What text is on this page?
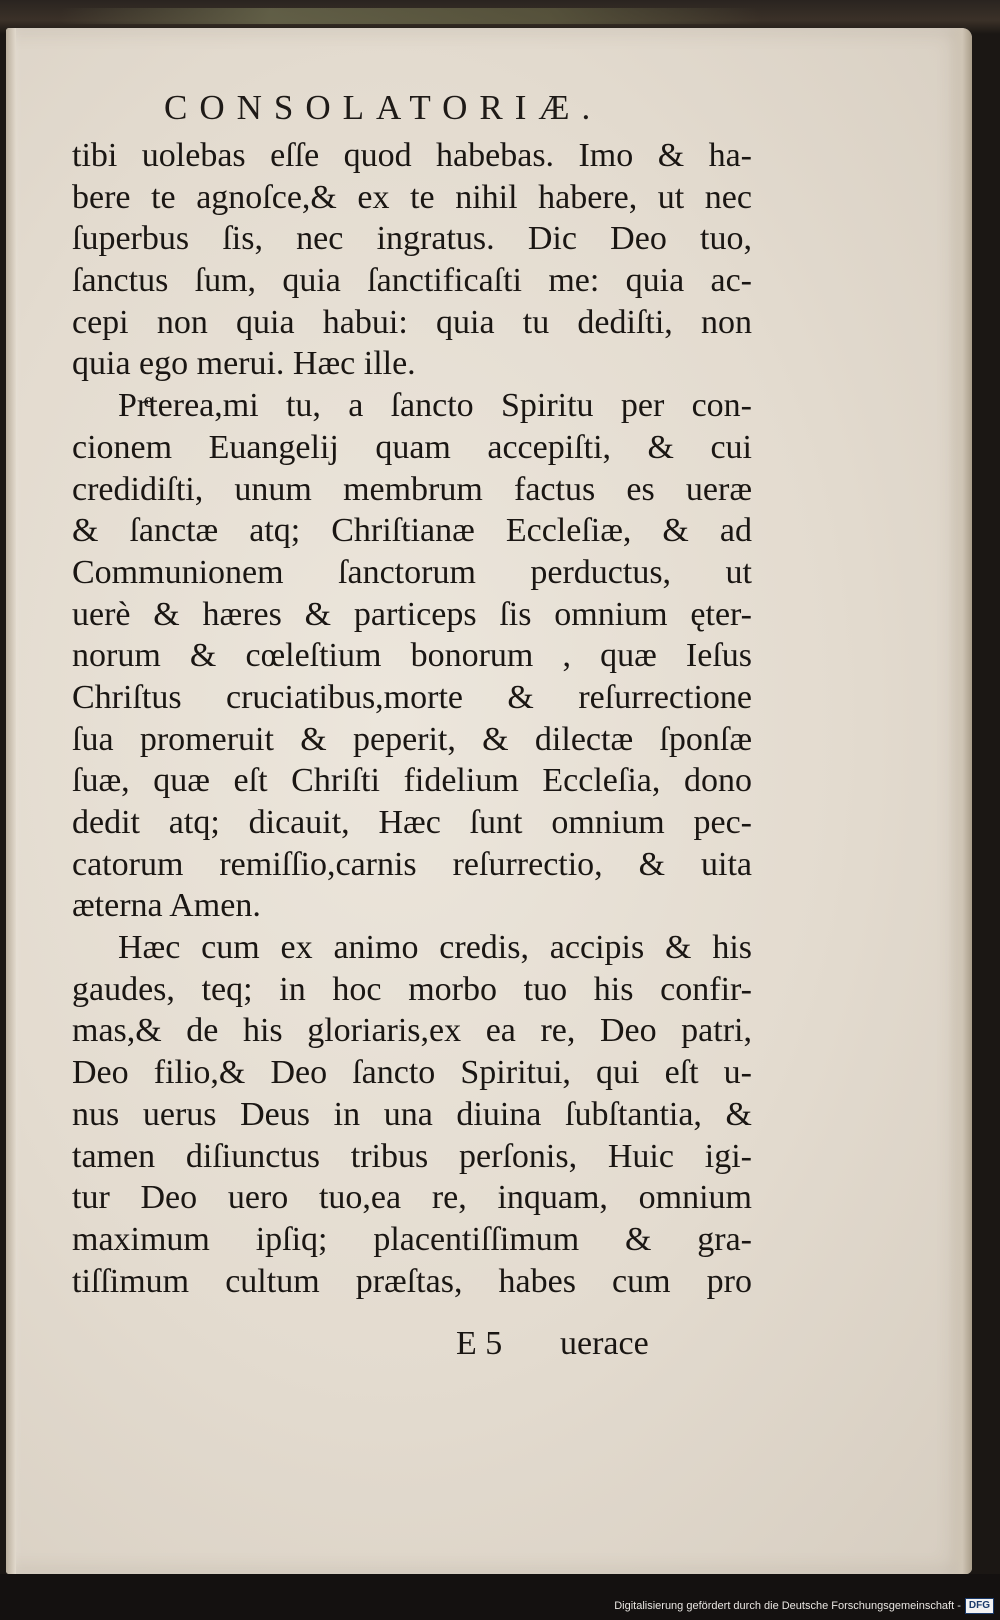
CONSOLATORIÆ.
tibi uolebas eſſe quod habebas. Imo & ha-
bere te agnoſce,& ex te nihil habere, ut nec
ſuperbus ſis, nec ingratus. Dic Deo tuo,
ſanctus ſum, quia ſanctificaſti me: quia ac-
cepi non quia habui: quia tu dediſti, non
quia ego merui. Hæc ille.
Prͤterea,mi tu, a ſancto Spiritu per con-
cionem Euangelij quam accepiſti, & cui
credidiſti, unum membrum factus es ueræ
& ſanctæ atq; Chriſtianæ Eccleſiæ, & ad
Communionem ſanctorum perductus, ut
uerè & hæres & particeps ſis omnium ęter-
norum & cœleſtium bonorum , quæ Ieſus
Chriſtus cruciatibus,morte & reſurrectione
ſua promeruit & peperit, & dilectæ ſponſæ
ſuæ, quæ eſt Chriſti fidelium Eccleſia, dono
dedit atq; dicauit, Hæc ſunt omnium pec-
catorum remiſſio,carnis reſurrectio, & uita
æterna Amen.
Hæc cum ex animo credis, accipis & his
gaudes, teq; in hoc morbo tuo his confir-
mas,& de his gloriaris,ex ea re, Deo patri,
Deo filio,& Deo ſancto Spiritui, qui eſt u-
nus uerus Deus in una diuina ſubſtantia, &
tamen diſiunctus tribus perſonis, Huic igi-
tur Deo uero tuo,ea re, inquam, omnium
maximum ipſiq; placentiſſimum & gra-
tiſſimum cultum præſtas, habes cum pro
E 5 uerace
Digitalisierung gefördert durch die Deutsche Forschungsgemeinschaft - DFG
